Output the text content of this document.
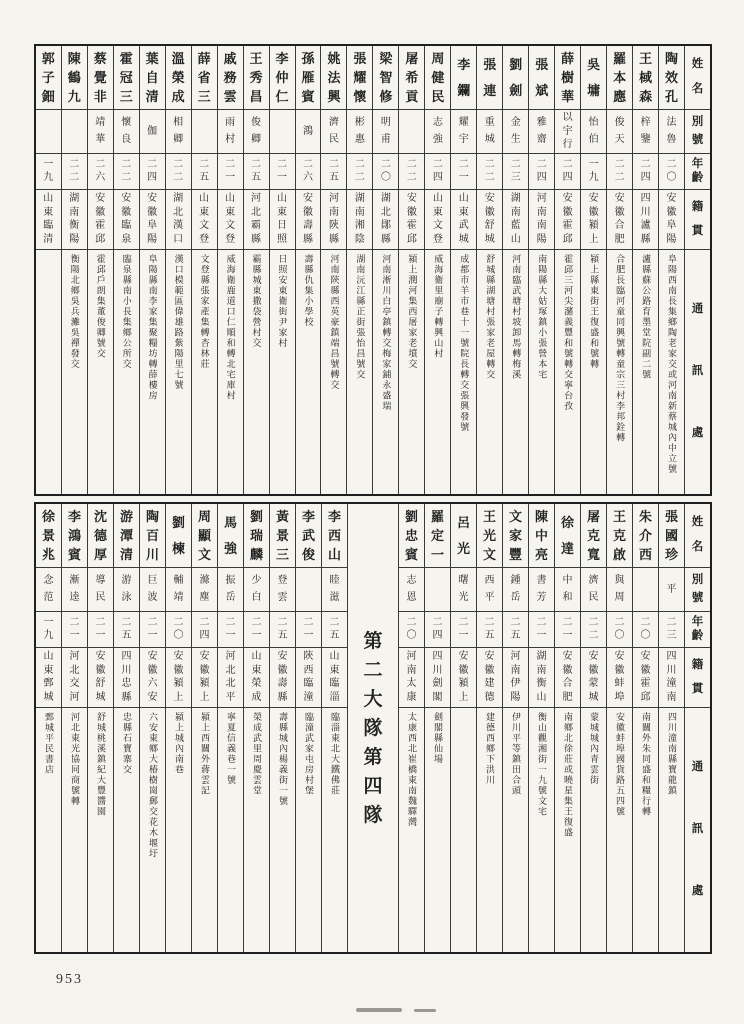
姓
名
別
號
年
齡
籍
貫
通
訊
處
陶
效
孔
法
魯
二
〇
安
徽
阜
陽
阜陽西南長集鄉陶老家交或河南新蔡城內中立號
王
棫
森
梓
鑒
二
四
四
川
瀘
縣
瀘縣蘇公路育墨堂院副二號
羅
本
應
俊
天
二
二
安
徽
合
肥
合肥長臨河童同興號轉童宗三村李邦銓轉
吳
墉
怡
伯
一
九
安
徽
潁
上
潁上縣東街王復盛和號轉
薛
樹
華
以
宇
行
二
四
安
徽
霍
邱
霍邱三河尖瀦義豐和號轉交寧台孜
張
斌
雅
齋
二
四
河
南
南
陽
南陽縣大姑塚鎮小張營本宅
劉
劍
金
生
二
三
湖
南
藍
山
河南臨武塘村坡卸馬轉梅溪
張
連
重
城
二
二
安
徽
舒
城
舒城縣湖塘村張家老屋轉交
李
鑭
耀
宇
二
一
山
東
武
城
成都市羊市巷十一號院長轉交張興發號
周
健
民
志
強
二
四
山
東
文
登
威海衛里廟子轉興山村
屠
希
貢
二
二
安
徽
霍
邱
潁上潤河集西屠家老墳交
梁
智
修
明
甫
二
〇
湖
北
鄖
縣
河南淅川白亭鎮轉交梅家鋪永盛瑞
張
耀
懷
彬
惠
二
二
湖
南
湘
陰
湖南沅江縣正街張怡昌號交
姚
法
興
濟
民
二
五
河
南
陝
縣
河南陝縣西英豪鎮端昌號轉交
孫
雁
賓
鴻
二
六
安
徽
壽
縣
壽縣仇集小學校
李
仲
仁
二
一
山
東
日
照
日照安東衛街尹家村
王
秀
昌
俊
卿
二
五
河
北
霸
縣
霸縣城東撒袋營村交
戚
務
雲
雨
村
二
一
山
東
文
登
威海衛鹿道口仁順和轉北宅庫村
薛
省
三
二
五
山
東
文
登
文登縣張家產集轉杏林莊
溫
榮
成
相
卿
二
二
湖
北
漢
口
漢口模範區偉雄路紫陽里七號
葉
自
清
伽
二
四
安
徽
阜
陽
阜陽縣南李家集聚糧坊轉薛樓房
霍
冠
三
懷
良
二
二
安
徽
臨
泉
臨泉縣南小長集鄉公所交
蔡
覺
非
靖
華
二
六
安
徽
霍
邱
霍邱戶朗集董俊卿號交
陳
鶴
九
二
二
湖
南
衡
陽
衡陽北鄉吳兵灘吳禪發交
郭
子
鈿
一
九
山
東
臨
清
姓
名
別
號
年
齡
籍
貫
通
訊
處
張
國
珍
平
二
三
四
川
潼
南
四川潼南縣寶龍鎮
朱
介
西
二
〇
安
徽
霍
邱
南關外朱同盛和糧行轉
王
克
啟
與
周
二
〇
安
徽
蚌
埠
安徽蚌埠國貨路五四號
屠
克
寬
濟
民
二
二
安
徽
蒙
城
蒙城城內青雲街
徐
達
中
和
二
一
安
徽
合
肥
南鄉北徐莊或曉星集王復盛
陳
中
亮
書
芳
二
一
湖
南
衡
山
衡山觀湘街一九號文宅
文
家
豐
鍾
岳
二
五
河
南
伊
陽
伊川平等鎮田合頭
王
光
文
西
平
二
五
安
徽
建
德
建德西鄉下洪川
呂
光
曙
光
二
一
安
徽
潁
上
羅
定
一
二
四
四
川
劍
閣
劍閣縣仙場
劉
忠
賓
志
恩
二
〇
河
南
太
康
太康西北崔橋東南魏驛灣
第
二
大
隊
第
四
隊
李
西
山
睦
滋
二
五
山
東
臨
淄
臨淄東北大鐵佛莊
李
武
俊
二
一
陝
西
臨
潼
臨潼武家屯房村堡
黃
景
三
登
雲
二
五
安
徽
壽
縣
壽縣城內楊義街一號
劉
瑞
麟
少
白
二
一
山
東
榮
成
榮成武里周慶雲堂
馬
強
振
岳
二
一
河
北
北
平
寧夏信義巷一號
周
顯
文
滌
塵
二
四
安
徽
潁
上
潁上西關外蔣雲記
劉
楝
輔
靖
二
〇
安
徽
潁
上
潁上城內南巷
陶
百
川
巨
波
二
一
安
徽
六
安
六安東鄉大椿樹崗郵交花木堰圩
游
潭
清
游
泳
二
五
四
川
忠
縣
忠縣石寶寨交
沈
德
厚
導
民
二
一
安
徽
舒
城
舒城桃溪鎮紀大豐醬園
李
鴻
賓
漸
逵
二
一
河
北
交
河
河北東光協同商號轉
徐
景
兆
念
范
一
九
山
東
鄄
城
鄄城平民書店
953
